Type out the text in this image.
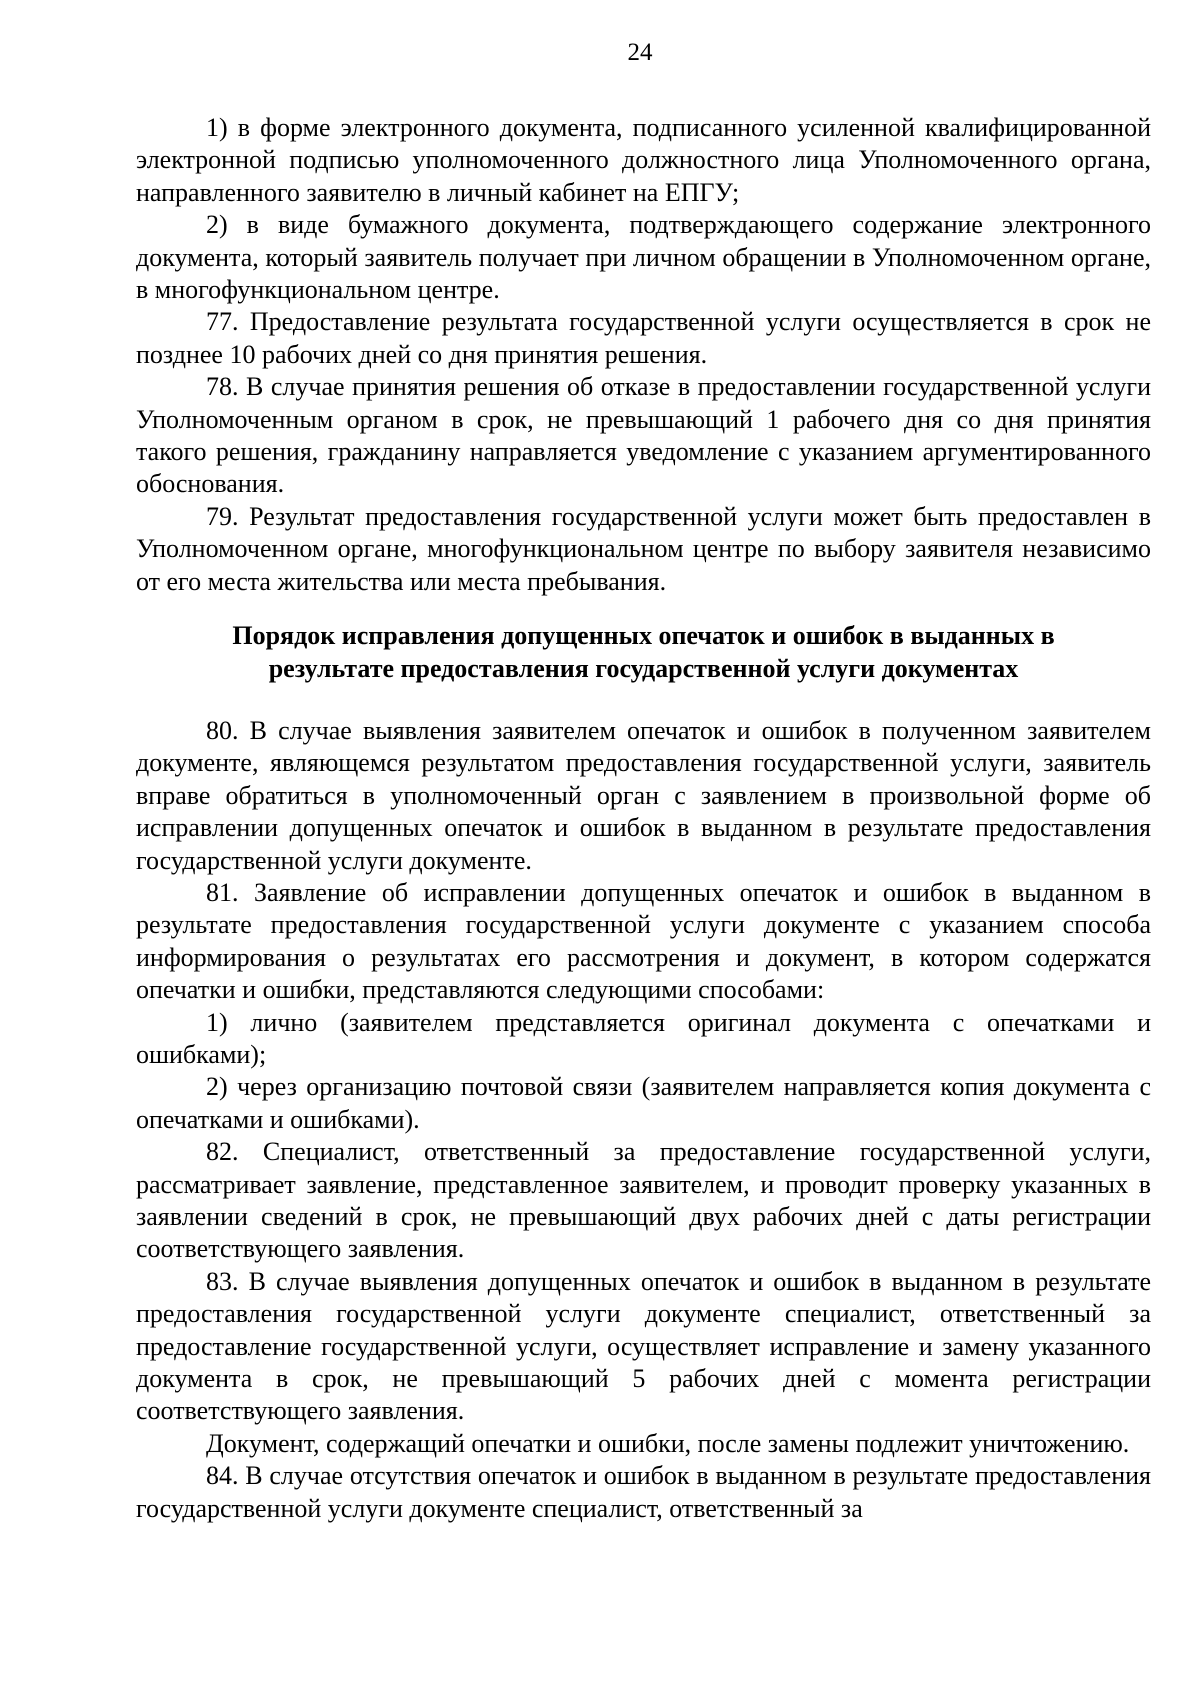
24

1) в форме электронного документа, подписанного усиленной квалифицированной электронной подписью уполномоченного должностного лица Уполномоченного органа, направленного заявителю в личный кабинет на ЕПГУ;

2) в виде бумажного документа, подтверждающего содержание электронного документа, который заявитель получает при личном обращении в Уполномоченном органе, в многофункциональном центре.

77. Предоставление результата государственной услуги осуществляется в срок не позднее 10 рабочих дней со дня принятия решения.

78. В случае принятия решения об отказе в предоставлении государственной услуги Уполномоченным органом в срок, не превышающий 1 рабочего дня со дня принятия такого решения, гражданину направляется уведомление с указанием аргументированного обоснования.

79. Результат предоставления государственной услуги может быть предоставлен в Уполномоченном органе, многофункциональном центре по выбору заявителя независимо от его места жительства или места пребывания.

Порядок исправления допущенных опечаток и ошибок в выданных в результате предоставления государственной услуги документах

80. В случае выявления заявителем опечаток и ошибок в полученном заявителем документе, являющемся результатом предоставления государственной услуги, заявитель вправе обратиться в уполномоченный орган с заявлением в произвольной форме об исправлении допущенных опечаток и ошибок в выданном в результате предоставления государственной услуги документе.

81. Заявление об исправлении допущенных опечаток и ошибок в выданном в результате предоставления государственной услуги документе с указанием способа информирования о результатах его рассмотрения и документ, в котором содержатся опечатки и ошибки, представляются следующими способами:

1) лично (заявителем представляется оригинал документа с опечатками и ошибками);

2) через организацию почтовой связи (заявителем направляется копия документа с опечатками и ошибками).

82. Специалист, ответственный за предоставление государственной услуги, рассматривает заявление, представленное заявителем, и проводит проверку указанных в заявлении сведений в срок, не превышающий двух рабочих дней с даты регистрации соответствующего заявления.

83. В случае выявления допущенных опечаток и ошибок в выданном в результате предоставления государственной услуги документе специалист, ответственный за предоставление государственной услуги, осуществляет исправление и замену указанного документа в срок, не превышающий 5 рабочих дней с момента регистрации соответствующего заявления.

Документ, содержащий опечатки и ошибки, после замены подлежит уничтожению.

84. В случае отсутствия опечаток и ошибок в выданном в результате предоставления государственной услуги документе специалист, ответственный за
